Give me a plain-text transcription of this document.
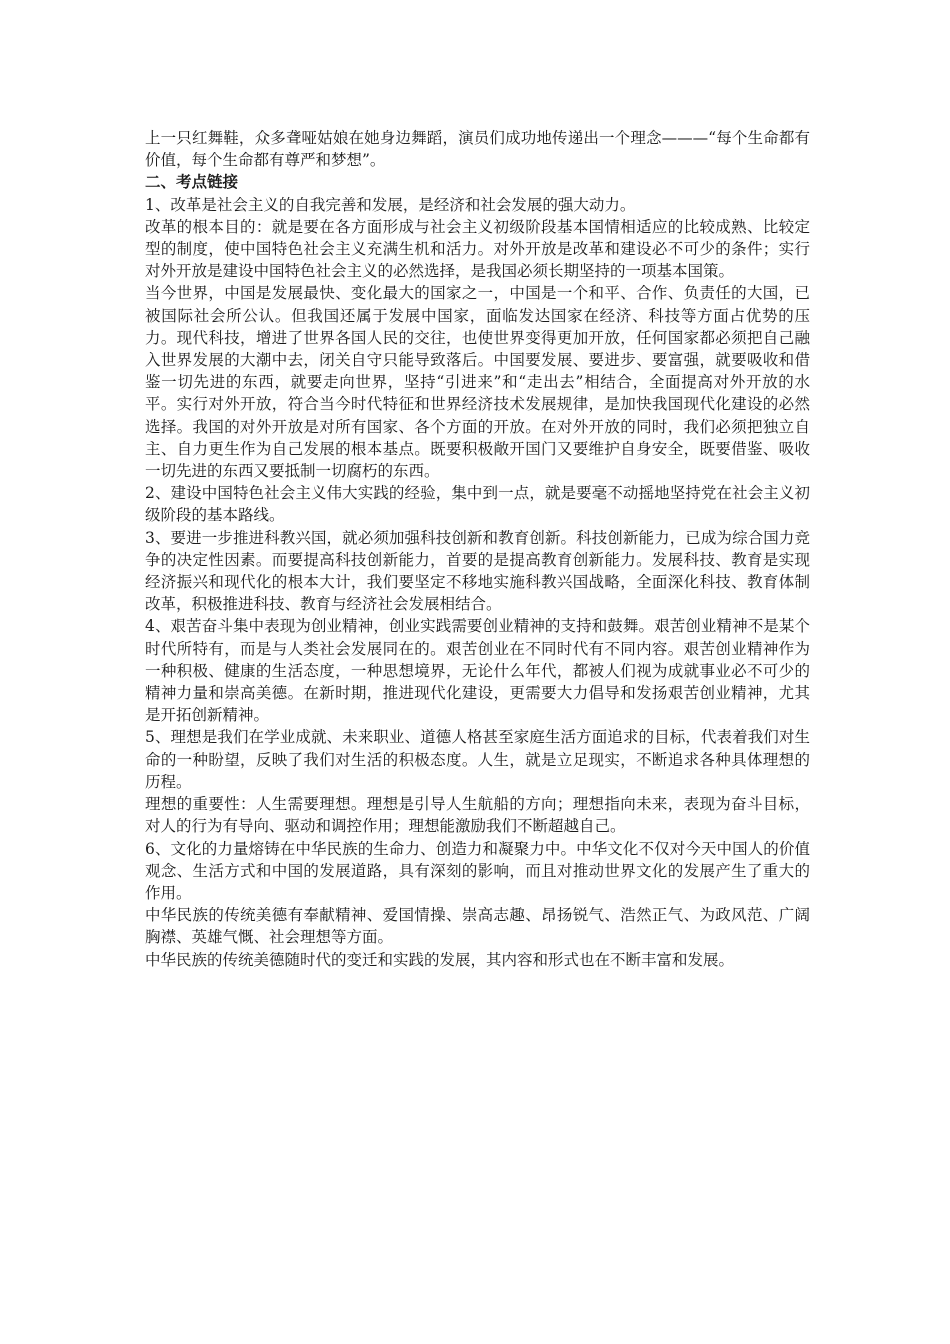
上一只红舞鞋，众多聋哑姑娘在她身边舞蹈，演员们成功地传递出一个理念———“每个生命都有价值，每个生命都有尊严和梦想”。

二、考点链接

1、改革是社会主义的自我完善和发展，是经济和社会发展的强大动力。

改革的根本目的：就是要在各方面形成与社会主义初级阶段基本国情相适应的比较成熟、比较定型的制度，使中国特色社会主义充满生机和活力。对外开放是改革和建设必不可少的条件；实行对外开放是建设中国特色社会主义的必然选择，是我国必须长期坚持的一项基本国策。

当今世界，中国是发展最快、变化最大的国家之一，中国是一个和平、合作、负责任的大国，已被国际社会所公认。但我国还属于发展中国家，面临发达国家在经济、科技等方面占优势的压力。现代科技，增进了世界各国人民的交往，也使世界变得更加开放，任何国家都必须把自己融入世界发展的大潮中去，闭关自守只能导致落后。中国要发展、要进步、要富强，就要吸收和借鉴一切先进的东西，就要走向世界，坚持“引进来”和“走出去”相结合，全面提高对外开放的水平。实行对外开放，符合当今时代特征和世界经济技术发展规律，是加快我国现代化建设的必然选择。我国的对外开放是对所有国家、各个方面的开放。在对外开放的同时，我们必须把独立自主、自力更生作为自己发展的根本基点。既要积极敞开国门又要维护自身安全，既要借鉴、吸收一切先进的东西又要抵制一切腐朽的东西。

2、建设中国特色社会主义伟大实践的经验，集中到一点，就是要毫不动摇地坚持党在社会主义初级阶段的基本路线。

3、要进一步推进科教兴国，就必须加强科技创新和教育创新。科技创新能力，已成为综合国力竞争的决定性因素。而要提高科技创新能力，首要的是提高教育创新能力。发展科技、教育是实现经济振兴和现代化的根本大计，我们要坚定不移地实施科教兴国战略，全面深化科技、教育体制改革，积极推进科技、教育与经济社会发展相结合。

4、艰苦奋斗集中表现为创业精神，创业实践需要创业精神的支持和鼓舞。艰苦创业精神不是某个时代所特有，而是与人类社会发展同在的。艰苦创业在不同时代有不同内容。艰苦创业精神作为一种积极、健康的生活态度，一种思想境界，无论什么年代，都被人们视为成就事业必不可少的精神力量和崇高美德。在新时期，推进现代化建设，更需要大力倡导和发扬艰苦创业精神，尤其是开拓创新精神。

5、理想是我们在学业成就、未来职业、道德人格甚至家庭生活方面追求的目标，代表着我们对生命的一种盼望，反映了我们对生活的积极态度。人生，就是立足现实，不断追求各种具体理想的历程。

理想的重要性：人生需要理想。理想是引导人生航船的方向；理想指向未来，表现为奋斗目标，对人的行为有导向、驱动和调控作用；理想能激励我们不断超越自己。

6、文化的力量熔铸在中华民族的生命力、创造力和凝聚力中。中华文化不仅对今天中国人的价值观念、生活方式和中国的发展道路，具有深刻的影响，而且对推动世界文化的发展产生了重大的作用。

中华民族的传统美德有奉献精神、爱国情操、崇高志趣、昂扬锐气、浩然正气、为政风范、广阔胸襟、英雄气慨、社会理想等方面。

中华民族的传统美德随时代的变迁和实践的发展，其内容和形式也在不断丰富和发展。
